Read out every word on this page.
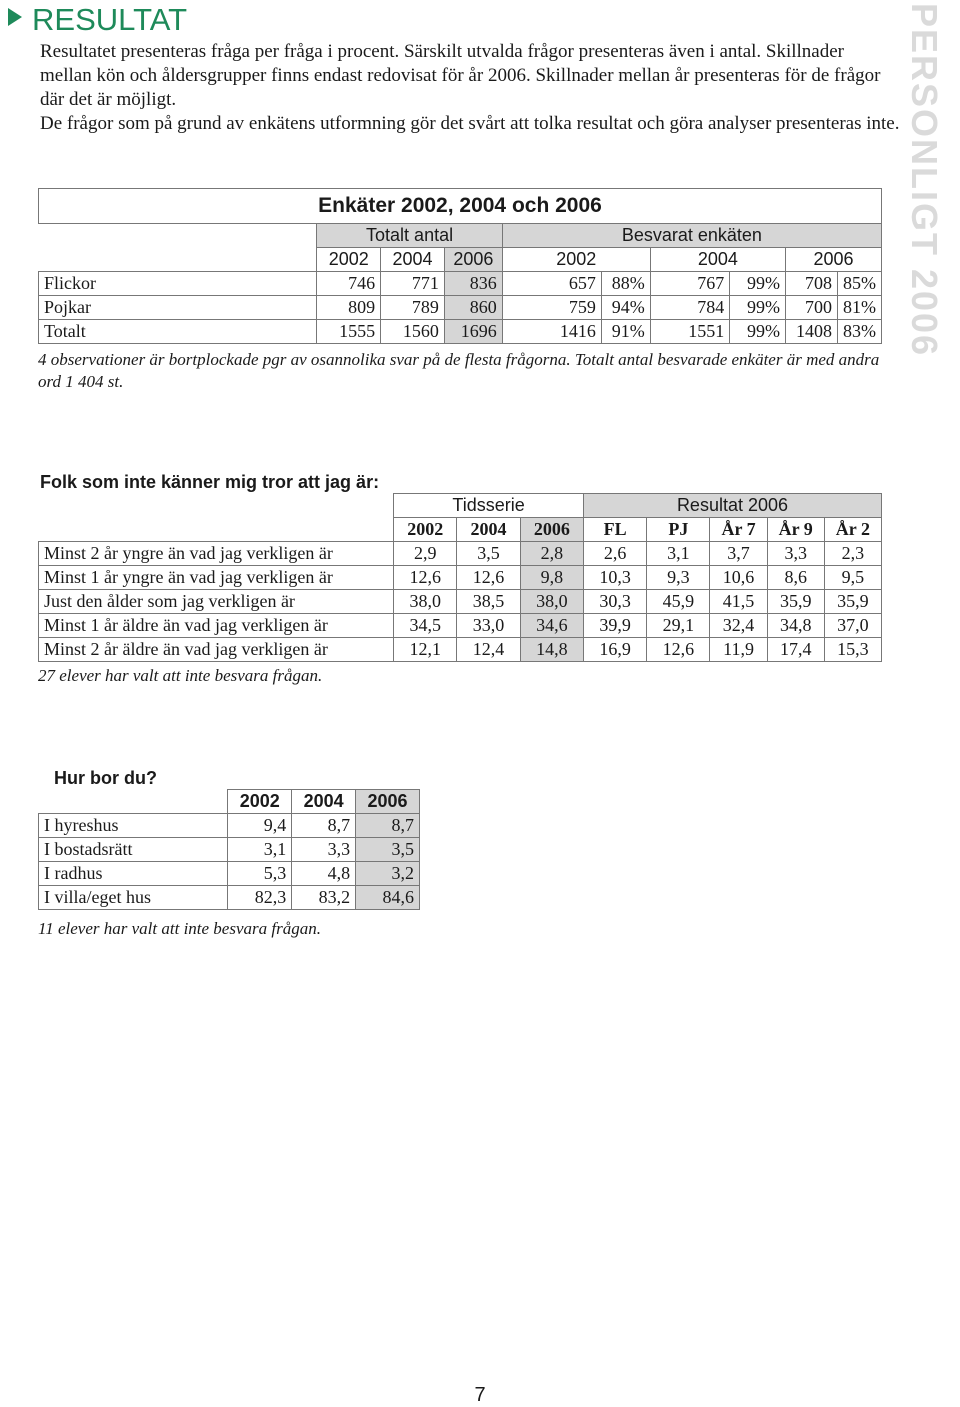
RESULTAT

Resultatet presenteras fråga per fråga i procent. Särskilt utvalda frågor presenteras även i antal. Skillnader mellan kön och åldersgrupper finns endast redovisat för år 2006. Skillnader mellan år presenteras för de frågor där det är möjligt.

De frågor som på grund av enkätens utformning gör det svårt att tolka resultat och göra analyser presenteras inte. PERSONLIGT 2006
Enkäter 2002, 2004 och 2006									
	Totalt antal			Besvarat enkäten					
	2002	2004	2006	2002		2004		2006	
Flickor	746	771	836	657	88%	767	99%	708	85%
Pojkar	809	789	860	759	94%	784	99%	700	81%
Totalt	1555	1560	1696	1416	91%	1551	99%	1408	83%
4 observationer är bortplockade pgr av osannolika svar på de flesta frågorna. Totalt antal besvarade enkäter är med andra ord 1 404 st.
Folk som inte känner mig tror att jag är:
	Tidsserie			Resultat 2006				
	2002	2004	2006	FL	PJ	År 7	År 9	År 2
Minst 2 år yngre än vad jag verkligen är	2,9	3,5	2,8	2,6	3,1	3,7	3,3	2,3
Minst 1 år yngre än vad jag verkligen är	12,6	12,6	9,8	10,3	9,3	10,6	8,6	9,5
Just den ålder som jag verkligen är	38,0	38,5	38,0	30,3	45,9	41,5	35,9	35,9
Minst 1 år äldre än vad jag verkligen är	34,5	33,0	34,6	39,9	29,1	32,4	34,8	37,0
Minst 2 år äldre än vad jag verkligen är	12,1	12,4	14,8	16,9	12,6	11,9	17,4	15,3
27 elever har valt att inte besvara frågan.
Hur bor du?
	2002	2004	2006
I hyreshus	9,4	8,7	8,7
I bostadsrätt	3,1	3,3	3,5
I radhus	5,3	4,8	3,2
I villa/eget hus	82,3	83,2	84,6
11 elever har valt att inte besvara frågan.
7
